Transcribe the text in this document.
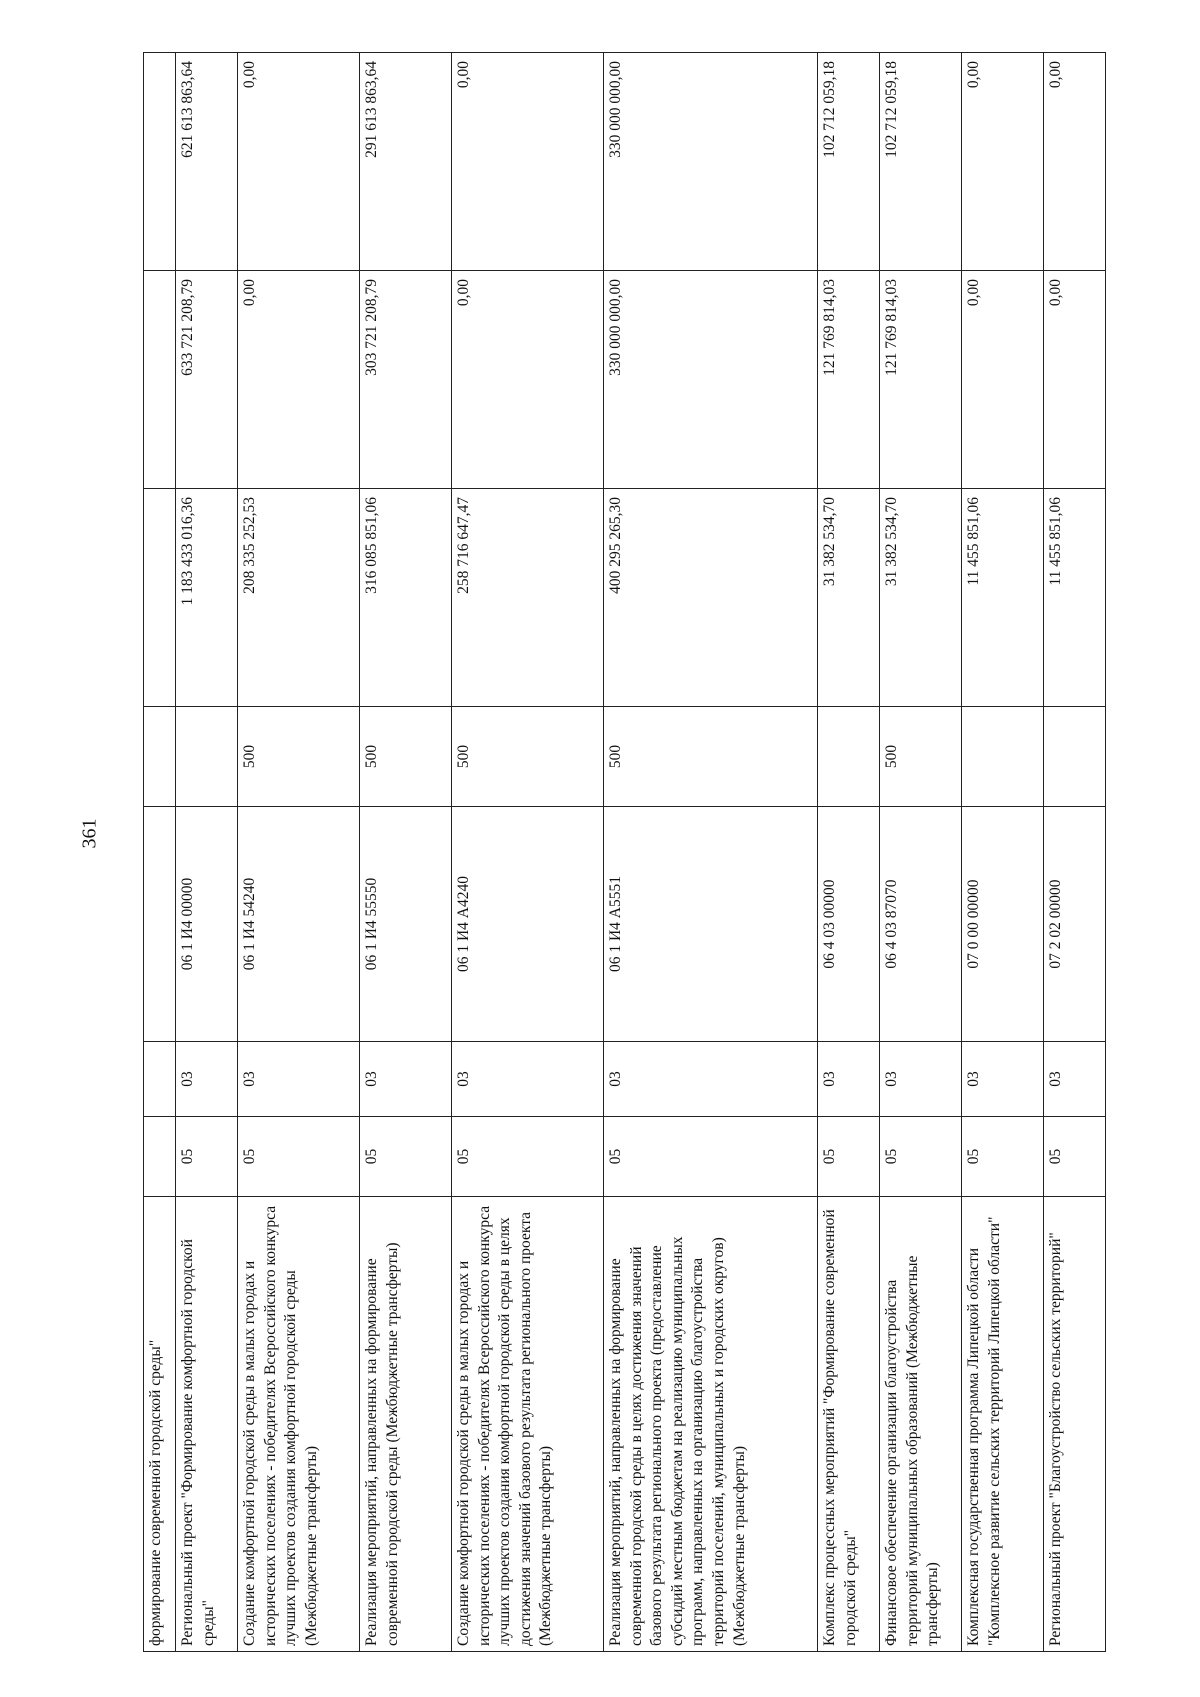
361
формирование современной городской среды"							
Региональный проект "Формирование комфортной городской среды"	05	03	06 1 И4 00000		1 183 433 016,36	633 721 208,79	621 613 863,64
Создание комфортной городской среды в малых городах и исторических поселениях - победителях Всероссийского конкурса лучших проектов создания комфортной городской среды (Межбюджетные трансферты)	05	03	06 1 И4 54240	500	208 335 252,53	0,00	0,00
Реализация мероприятий, направленных на формирование современной городской среды (Межбюджетные трансферты)	05	03	06 1 И4 55550	500	316 085 851,06	303 721 208,79	291 613 863,64
Создание комфортной городской среды в малых городах и исторических поселениях - победителях Всероссийского конкурса лучших проектов создания комфортной городской среды в целях достижения значений базового результата регионального проекта (Межбюджетные трансферты)	05	03	06 1 И4 А4240	500	258 716 647,47	0,00	0,00
Реализация мероприятий, направленных на формирование современной городской среды в целях достижения значений базового результата регионального проекта (предоставление субсидий местным бюджетам на реализацию муниципальных программ, направленных на организацию благоустройства территорий поселений, муниципальных и городских округов) (Межбюджетные трансферты)	05	03	06 1 И4 А5551	500	400 295 265,30	330 000 000,00	330 000 000,00
Комплекс процессных мероприятий "Формирование современной городской среды"	05	03	06 4 03 00000		31 382 534,70	121 769 814,03	102 712 059,18
Финансовое обеспечение организации благоустройства территорий муниципальных образований (Межбюджетные трансферты)	05	03	06 4 03 87070	500	31 382 534,70	121 769 814,03	102 712 059,18
Комплексная государственная программа Липецкой области "Комплексное развитие сельских территорий Липецкой области"	05	03	07 0 00 00000		11 455 851,06	0,00	0,00
Региональный проект "Благоустройство сельских территорий"	05	03	07 2 02 00000		11 455 851,06	0,00	0,00
